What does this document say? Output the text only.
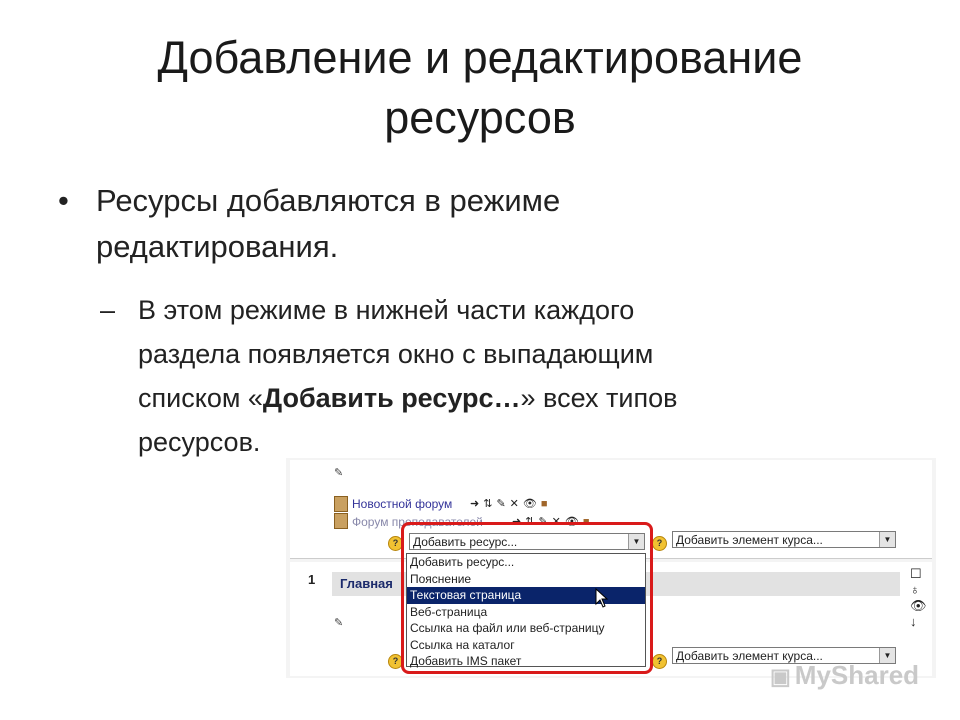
Добавление и редактирование
ресурсов
• Ресурсы добавляются в режиме
редактирования.
– В этом режиме в нижней части каждого
раздела появляется окно с выпадающим
списком «Добавить ресурс…» всех типов
ресурсов.
✎
Новостной форум ➜ ⇅ ✎ ✕ 👁 ■
Форум преподавателей	➜ ⇅ ✎ ✕ 👁 ■
?	Добавить ресурс...	▼	?	Добавить элемент курса...	▼
1 Главная
☐
♁
👁
↓
✎
?	?	Добавить элемент курса...	▼
Добавить ресурс...
Пояснение
Текстовая страница
Веб-страница
Ссылка на файл или веб-страницу
Ссылка на каталог
Добавить IMS пакет
▣ MyShared
